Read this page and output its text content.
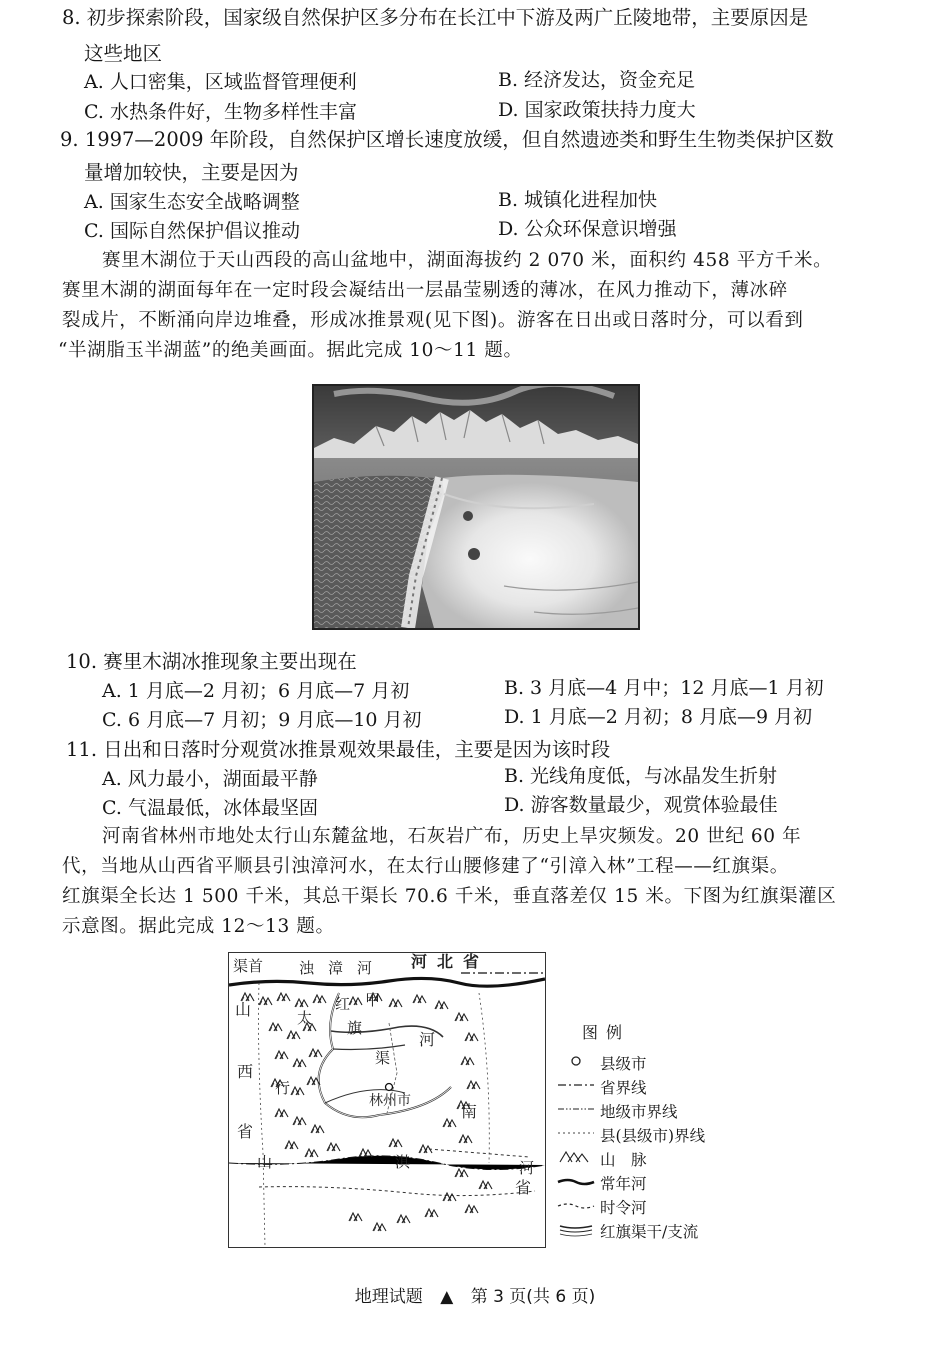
8. 初步探索阶段，国家级自然保护区多分布在长江中下游及两广丘陵地带，主要原因是
这些地区
A. 人口密集，区域监督管理便利	B. 经济发达，资金充足
C. 水热条件好，生物多样性丰富	D. 国家政策扶持力度大
9. 1997—2009 年阶段，自然保护区增长速度放缓，但自然遗迹类和野生生物类保护区数
量增加较快，主要是因为
A. 国家生态安全战略调整	B. 城镇化进程加快
C. 国际自然保护倡议推动	D. 公众环保意识增强
赛里木湖位于天山西段的高山盆地中，湖面海拔约 2 070 米，面积约 458 平方千米。
赛里木湖的湖面每年在一定时段会凝结出一层晶莹剔透的薄冰，在风力推动下，薄冰碎
裂成片，不断涌向岸边堆叠，形成冰推景观(见下图)。游客在日出或日落时分，可以看到
“半湖脂玉半湖蓝”的绝美画面。据此完成 10～11 题。
10. 赛里木湖冰推现象主要出现在
A. 1 月底—2 月初；6 月底—7 月初	B. 3 月底—4 月中；12 月底—1 月初
C. 6 月底—7 月初；9 月底—10 月初	D. 1 月底—2 月初；8 月底—9 月初
11. 日出和日落时分观赏冰推景观效果最佳，主要是因为该时段
A. 风力最小，湖面最平静	B. 光线角度低，与冰晶发生折射
C. 气温最低，冰体最坚固	D. 游客数量最少，观赏体验最佳
河南省林州市地处太行山东麓盆地，石灰岩广布，历史上旱灾频发。20 世纪 60 年
代，当地从山西省平顺县引浊漳河水，在太行山腰修建了“引漳入林”工程——红旗渠。
红旗渠全长达 1 500 千米，其总干渠长 70.6 千米，垂直落差仅 15 米。下图为红旗渠灌区
示意图。据此完成 12～13 题。
渠首 浊漳河 河北省
山
西
省
太
行
山
红 甲
旗
渠
河
南
省
林州市
淇	河
图例
县级市
省界线
地级市界线
县(县级市)界线
山　脉
常年河
时令河
红旗渠干/支流
地理试题 ▲ 第 3 页(共 6 页)
